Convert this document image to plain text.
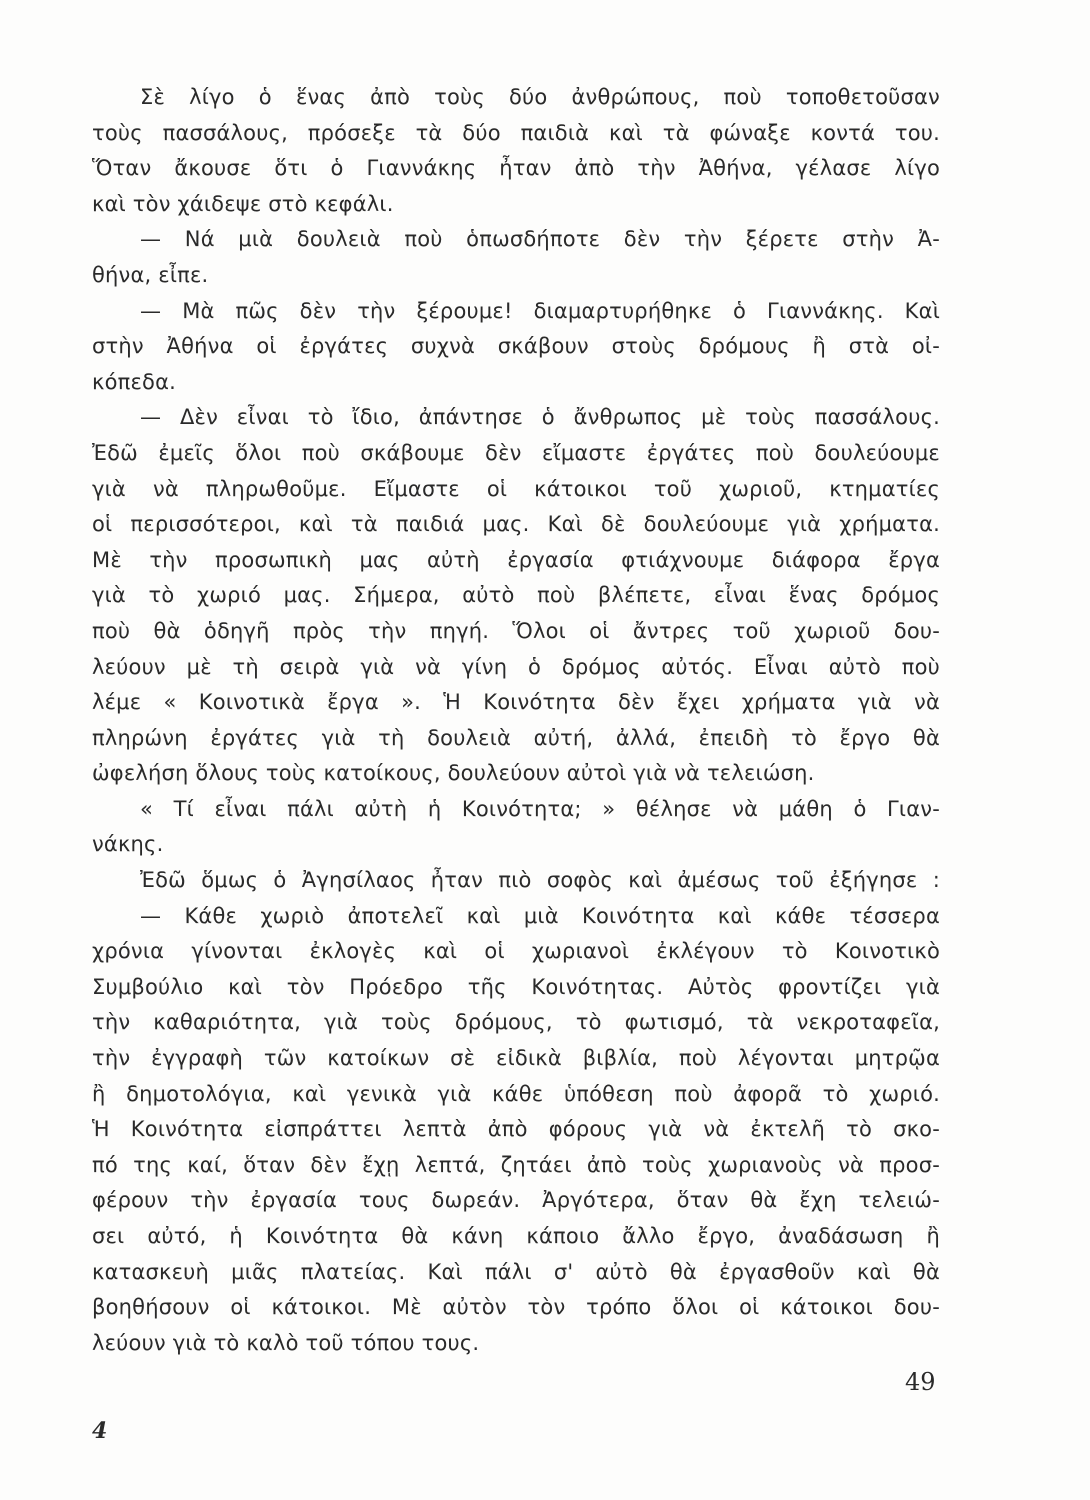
Σὲ λίγο ὁ ἕνας ἀπὸ τοὺς δύο ἀνθρώπους, ποὺ τοποθετοῦσαν
τοὺς πασσάλους, πρόσεξε τὰ δύο παιδιὰ καὶ τὰ φώναξε κοντά του.
Ὅταν ἄκουσε ὅτι ὁ Γιαννάκης ἦταν ἀπὸ τὴν Ἀθήνα, γέλασε λίγο
καὶ τὸν χάιδεψε στὸ κεφάλι.
— Νά μιὰ δουλειὰ ποὺ ὁπωσδήποτε δὲν τὴν ξέρετε στὴν Ἀ-
θήνα, εἶπε.
— Μὰ πῶς δὲν τὴν ξέρουμε! διαμαρτυρήθηκε ὁ Γιαννάκης. Καὶ
στὴν Ἀθήνα οἱ ἐργάτες συχνὰ σκάβουν στοὺς δρόμους ἢ στὰ οἰ-
κόπεδα.
— Δὲν εἶναι τὸ ἴδιο, ἀπάντησε ὁ ἄνθρωπος μὲ τοὺς πασσάλους.
Ἐδῶ ἐμεῖς ὅλοι ποὺ σκάβουμε δὲν εἴμαστε ἐργάτες ποὺ δουλεύουμε
γιὰ νὰ πληρωθοῦμε. Εἴμαστε οἱ κάτοικοι τοῦ χωριοῦ, κτηματίες
οἱ περισσότεροι, καὶ τὰ παιδιά μας. Καὶ δὲ δουλεύουμε γιὰ χρήματα.
Μὲ τὴν προσωπικὴ μας αὐτὴ ἐργασία φτιάχνουμε διάφορα ἔργα
γιὰ τὸ χωριό μας. Σήμερα, αὐτὸ ποὺ βλέπετε, εἶναι ἕνας δρόμος
ποὺ θὰ ὁδηγῆ πρὸς τὴν πηγή. Ὅλοι οἱ ἄντρες τοῦ χωριοῦ δου-
λεύουν μὲ τὴ σειρὰ γιὰ νὰ γίνη ὁ δρόμος αὐτός. Εἶναι αὐτὸ ποὺ
λέμε « Κοινοτικὰ ἔργα ». Ἡ Κοινότητα δὲν ἔχει χρήματα γιὰ νὰ
πληρώνη ἐργάτες γιὰ τὴ δουλειὰ αὐτή, ἀλλά, ἐπειδὴ τὸ ἔργο θὰ
ὠφελήση ὅλους τοὺς κατοίκους, δουλεύουν αὐτοὶ γιὰ νὰ τελειώση.
« Τί εἶναι πάλι αὐτὴ ἡ Κοινότητα; » θέλησε νὰ μάθη ὁ Γιαν-
νάκης.
Ἐδῶ ὅμως ὁ Ἀγησίλαος ἦταν πιὸ σοφὸς καὶ ἀμέσως τοῦ ἐξήγησε :
— Κάθε χωριὸ ἀποτελεῖ καὶ μιὰ Κοινότητα καὶ κάθε τέσσερα
χρόνια γίνονται ἐκλογὲς καὶ οἱ χωριανοὶ ἐκλέγουν τὸ Κοινοτικὸ
Συμβούλιο καὶ τὸν Πρόεδρο τῆς Κοινότητας. Αὐτὸς φροντίζει γιὰ
τὴν καθαριότητα, γιὰ τοὺς δρόμους, τὸ φωτισμό, τὰ νεκροταφεῖα,
τὴν ἐγγραφὴ τῶν κατοίκων σὲ εἰδικὰ βιβλία, ποὺ λέγονται μητρῷα
ἢ δημοτολόγια, καὶ γενικὰ γιὰ κάθε ὑπόθεση ποὺ ἀφορᾶ τὸ χωριό.
Ἡ Κοινότητα εἰσπράττει λεπτὰ ἀπὸ φόρους γιὰ νὰ ἐκτελῆ τὸ σκο-
πό της καί, ὅταν δὲν ἔχῃ λεπτά, ζητάει ἀπὸ τοὺς χωριανοὺς νὰ προσ-
φέρουν τὴν ἐργασία τους δωρεάν. Ἀργότερα, ὅταν θὰ ἔχη τελειώ-
σει αὐτό, ἡ Κοινότητα θὰ κάνη κάποιο ἄλλο ἔργο, ἀναδάσωση ἢ
κατασκευὴ μιᾶς πλατείας. Καὶ πάλι σ' αὐτὸ θὰ ἐργασθοῦν καὶ θὰ
βοηθήσουν οἱ κάτοικοι. Μὲ αὐτὸν τὸν τρόπο ὅλοι οἱ κάτοικοι δου-
λεύουν γιὰ τὸ καλὸ τοῦ τόπου τους.
49
4
